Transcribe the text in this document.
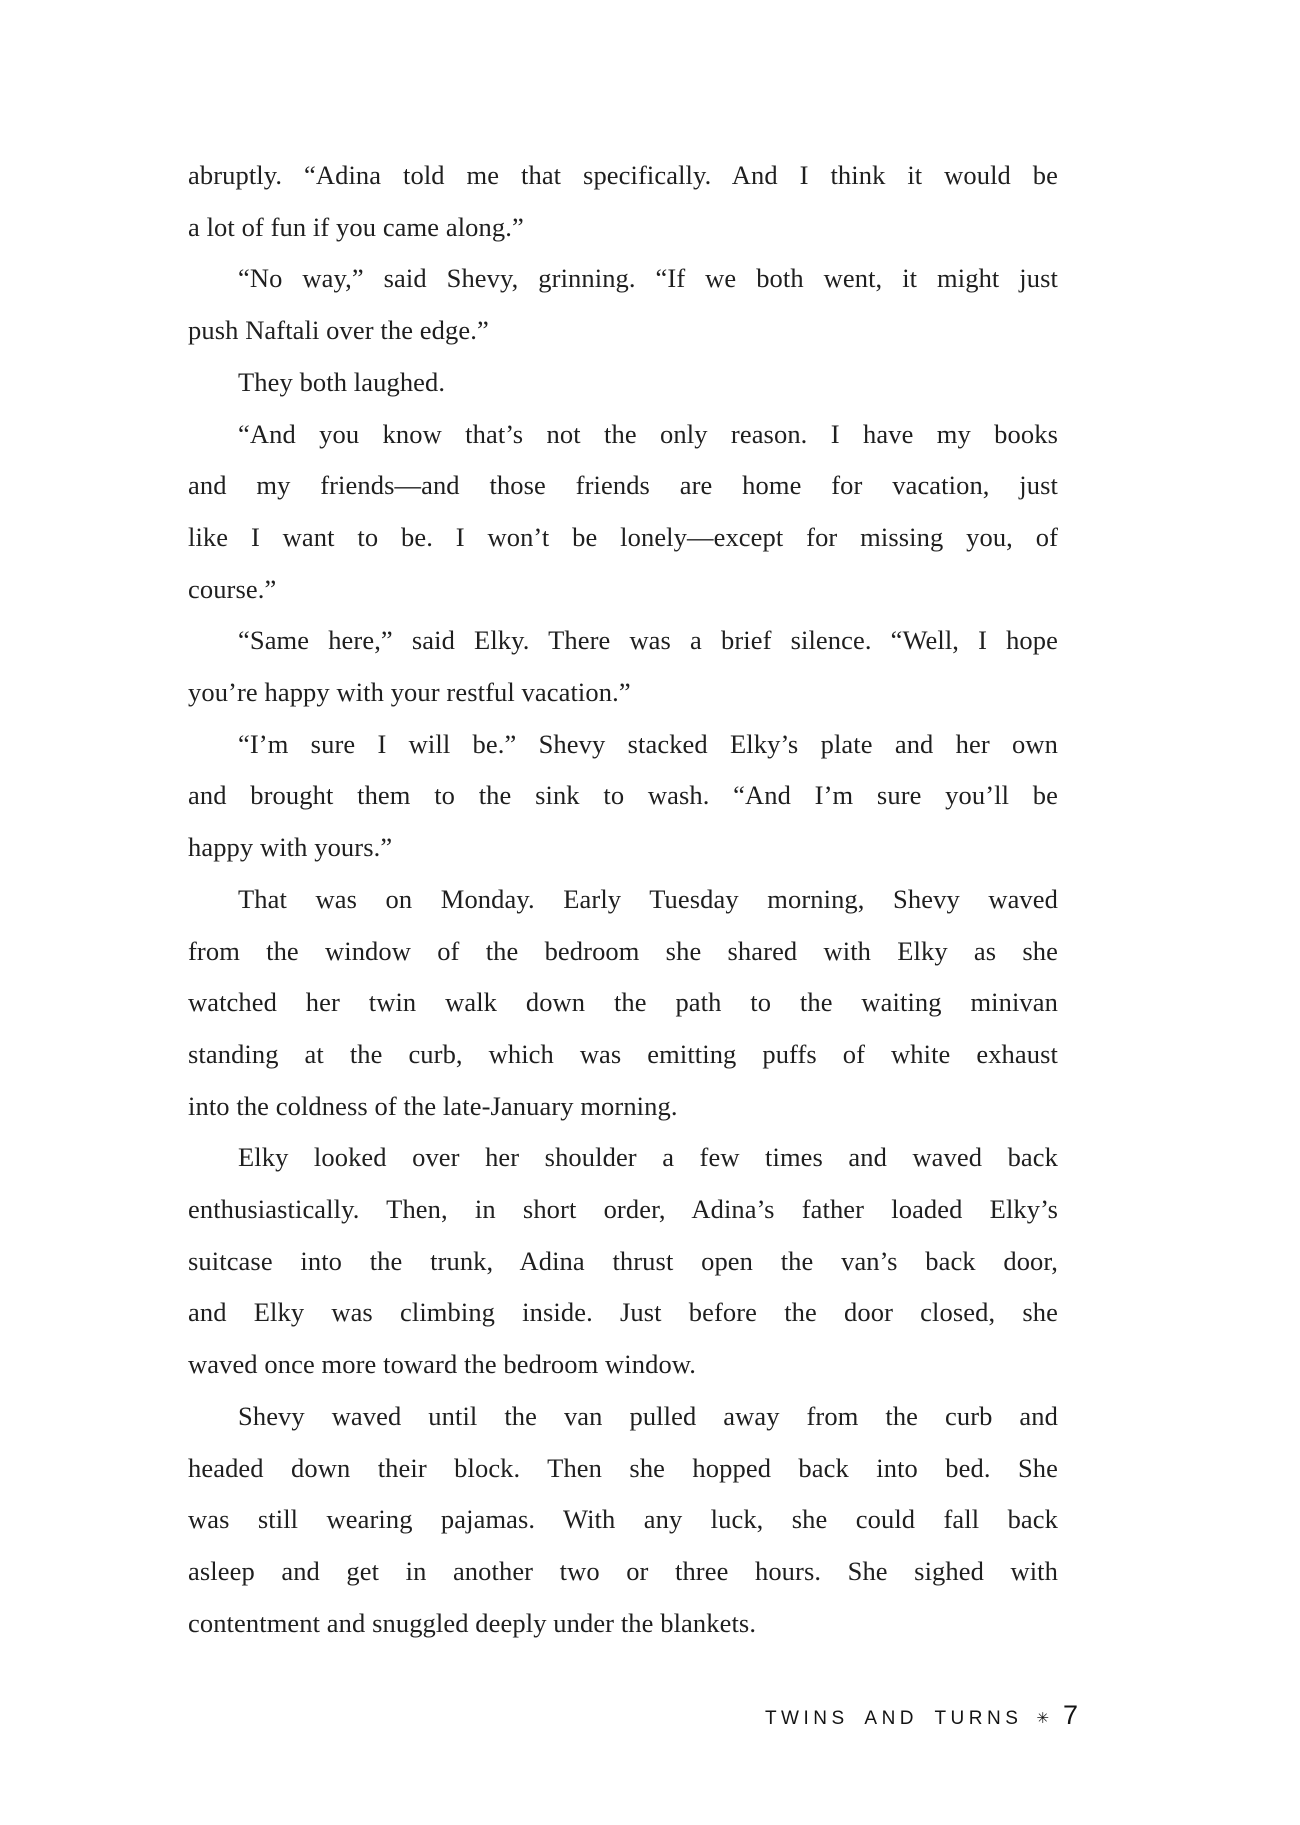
abruptly. “Adina told me that specifically. And I think it would be
a lot of fun if you came along.”

“No way,” said Shevy, grinning. “If we both went, it might just
push Naftali over the edge.”

They both laughed.

“And you know that’s not the only reason. I have my books
and my friends—and those friends are home for vacation, just
like I want to be. I won’t be lonely—except for missing you, of
course.”

“Same here,” said Elky. There was a brief silence. “Well, I hope
you’re happy with your restful vacation.”

“I’m sure I will be.” Shevy stacked Elky’s plate and her own
and brought them to the sink to wash. “And I’m sure you’ll be
happy with yours.”

That was on Monday. Early Tuesday morning, Shevy waved
from the window of the bedroom she shared with Elky as she
watched her twin walk down the path to the waiting minivan
standing at the curb, which was emitting puffs of white exhaust
into the coldness of the late-January morning.

Elky looked over her shoulder a few times and waved back
enthusiastically. Then, in short order, Adina’s father loaded Elky’s
suitcase into the trunk, Adina thrust open the van’s back door,
and Elky was climbing inside. Just before the door closed, she
waved once more toward the bedroom window.

Shevy waved until the van pulled away from the curb and
headed down their block. Then she hopped back into bed. She
was still wearing pajamas. With any luck, she could fall back
asleep and get in another two or three hours. She sighed with
contentment and snuggled deeply under the blankets.

TWINS AND TURNS ✳ 7
